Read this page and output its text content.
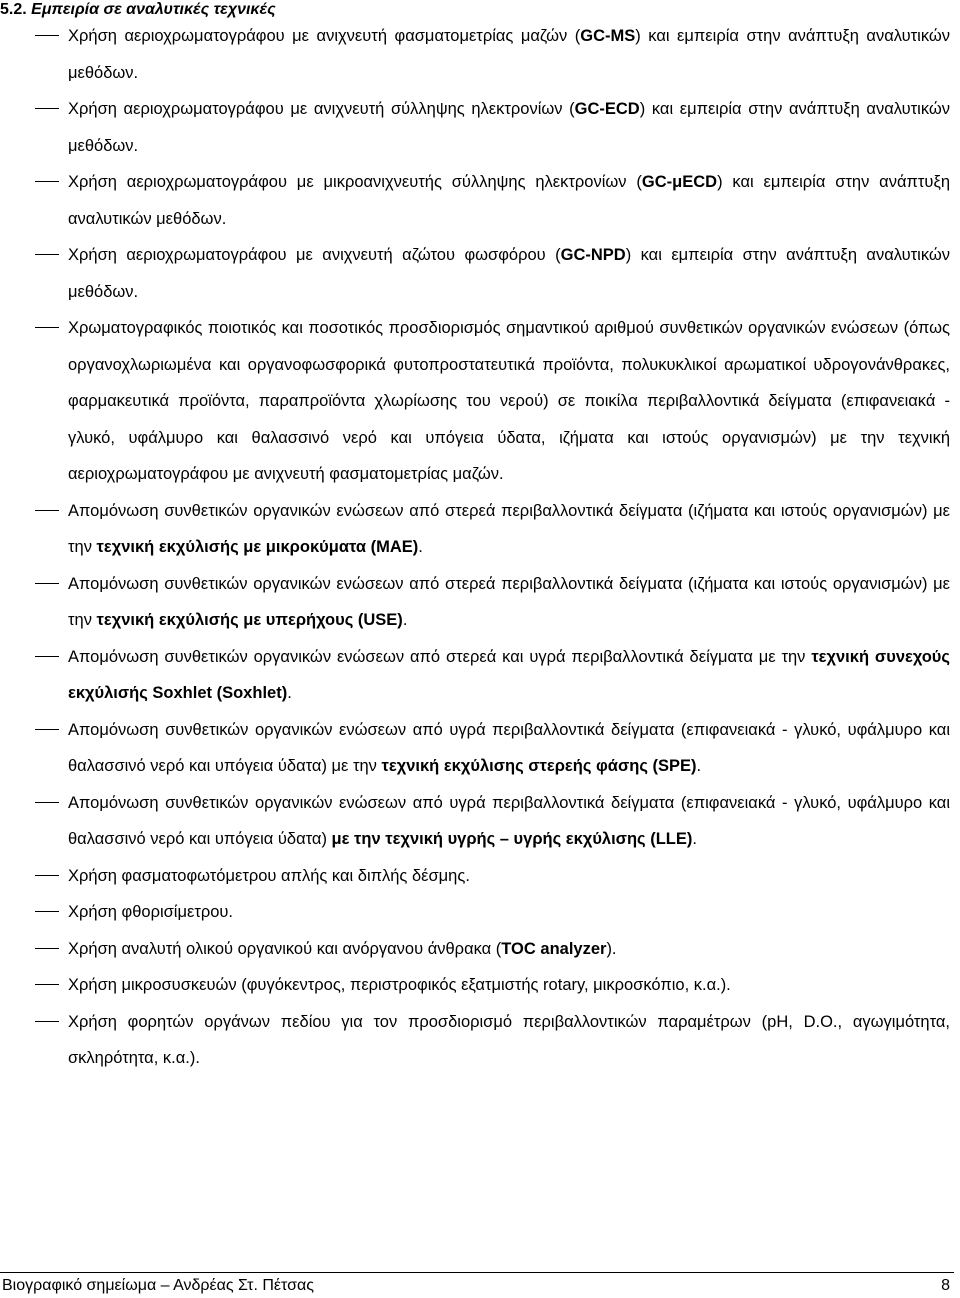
5.2. Εμπειρία σε αναλυτικές τεχνικές
Χρήση αεριοχρωματογράφου με ανιχνευτή φασματομετρίας μαζών (GC-MS) και εμπειρία στην ανάπτυξη αναλυτικών μεθόδων.
Χρήση αεριοχρωματογράφου με ανιχνευτή σύλληψης ηλεκτρονίων (GC-ECD) και εμπειρία στην ανάπτυξη αναλυτικών μεθόδων.
Χρήση αεριοχρωματογράφου με μικροανιχνευτής σύλληψης ηλεκτρονίων (GC-μECD) και εμπειρία στην ανάπτυξη αναλυτικών μεθόδων.
Χρήση αεριοχρωματογράφου με ανιχνευτή αζώτου φωσφόρου (GC-NPD) και εμπειρία στην ανάπτυξη αναλυτικών μεθόδων.
Χρωματογραφικός ποιοτικός και ποσοτικός προσδιορισμός σημαντικού αριθμού συνθετικών οργανικών ενώσεων (όπως οργανοχλωριωμένα και οργανοφωσφορικά φυτοπροστατευτικά προϊόντα, πολυκυκλικοί αρωματικοί υδρογονάνθρακες, φαρμακευτικά προϊόντα, παραπροϊόντα χλωρίωσης του νερού) σε ποικίλα περιβαλλοντικά δείγματα (επιφανειακά - γλυκό, υφάλμυρο και θαλασσινό νερό και υπόγεια ύδατα, ιζήματα και ιστούς οργανισμών) με την τεχνική αεριοχρωματογράφου με ανιχνευτή φασματομετρίας μαζών.
Απομόνωση συνθετικών οργανικών ενώσεων από στερεά περιβαλλοντικά δείγματα (ιζήματα και ιστούς οργανισμών) με την τεχνική εκχύλισής με μικροκύματα (MAE).
Απομόνωση συνθετικών οργανικών ενώσεων από στερεά περιβαλλοντικά δείγματα (ιζήματα και ιστούς οργανισμών) με την τεχνική εκχύλισής με υπερήχους (USE).
Απομόνωση συνθετικών οργανικών ενώσεων από στερεά και υγρά περιβαλλοντικά δείγματα με την τεχνική συνεχούς εκχύλισής Soxhlet (Soxhlet).
Απομόνωση συνθετικών οργανικών ενώσεων από υγρά περιβαλλοντικά δείγματα (επιφανειακά - γλυκό, υφάλμυρο και θαλασσινό νερό και υπόγεια ύδατα) με την τεχνική εκχύλισης στερεής φάσης (SPE).
Απομόνωση συνθετικών οργανικών ενώσεων από υγρά περιβαλλοντικά δείγματα (επιφανειακά - γλυκό, υφάλμυρο και θαλασσινό νερό και υπόγεια ύδατα) με την τεχνική υγρής – υγρής εκχύλισης (LLE).
Χρήση φασματοφωτόμετρου απλής και διπλής δέσμης.
Χρήση φθορισίμετρου.
Χρήση αναλυτή ολικού οργανικού και ανόργανου άνθρακα (TOC analyzer).
Χρήση μικροσυσκευών (φυγόκεντρος, περιστροφικός εξατμιστής rotary, μικροσκόπιο, κ.α.).
Χρήση φορητών οργάνων πεδίου για τον προσδιορισμό περιβαλλοντικών παραμέτρων (pH, D.O., αγωγιμότητα, σκληρότητα, κ.α.).
Βιογραφικό σημείωμα – Ανδρέας Στ. Πέτσας	8
